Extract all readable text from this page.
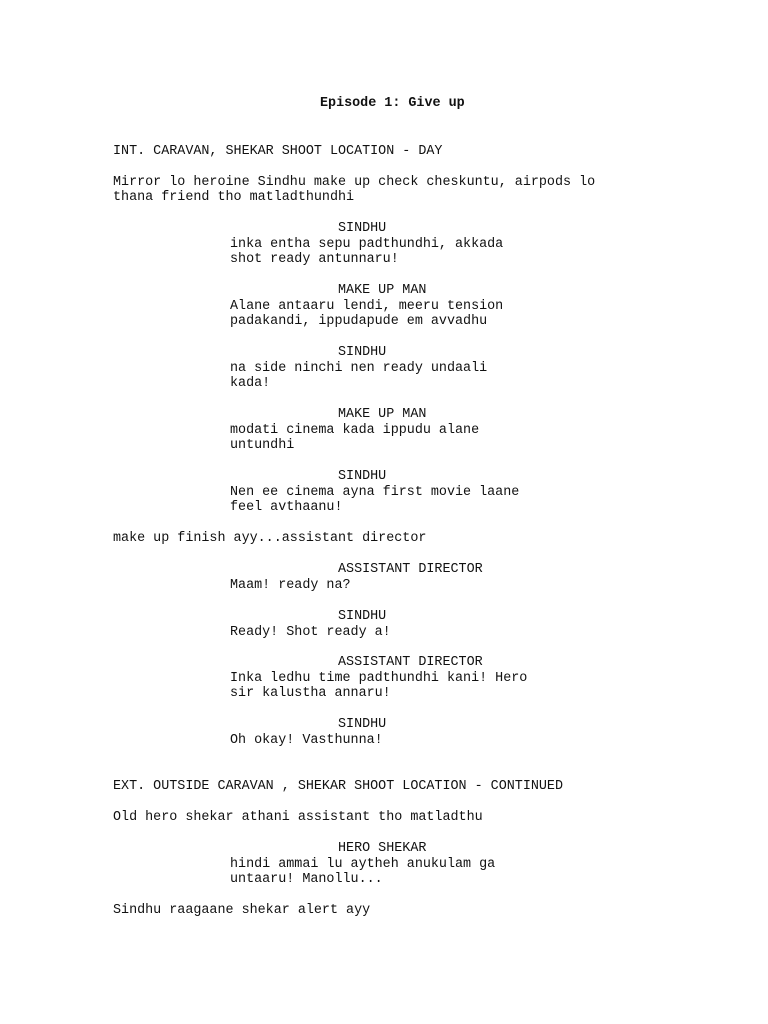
Episode 1: Give up

INT. CARAVAN, SHEKAR SHOOT LOCATION - DAY

Mirror lo heroine Sindhu make up check cheskuntu, airpods lo

thana friend tho matladthundhi

SINDHU

inka entha sepu padthundhi, akkada

shot ready antunnaru!

MAKE UP MAN

Alane antaaru lendi, meeru tension

padakandi, ippudapude em avvadhu

SINDHU

na side ninchi nen ready undaali

kada!

MAKE UP MAN

modati cinema kada ippudu alane

untundhi

SINDHU

Nen ee cinema ayna first movie laane

feel avthaanu!

make up finish ayy...assistant director

ASSISTANT DIRECTOR

Maam! ready na?

SINDHU

Ready! Shot ready a!

ASSISTANT DIRECTOR

Inka ledhu time padthundhi kani! Hero

sir kalustha annaru!

SINDHU

Oh okay! Vasthunna!

EXT. OUTSIDE CARAVAN , SHEKAR SHOOT LOCATION - CONTINUED

Old hero shekar athani assistant tho matladthu

HERO SHEKAR

hindi ammai lu aytheh anukulam ga

untaaru! Manollu...

Sindhu raagaane shekar alert ayy
